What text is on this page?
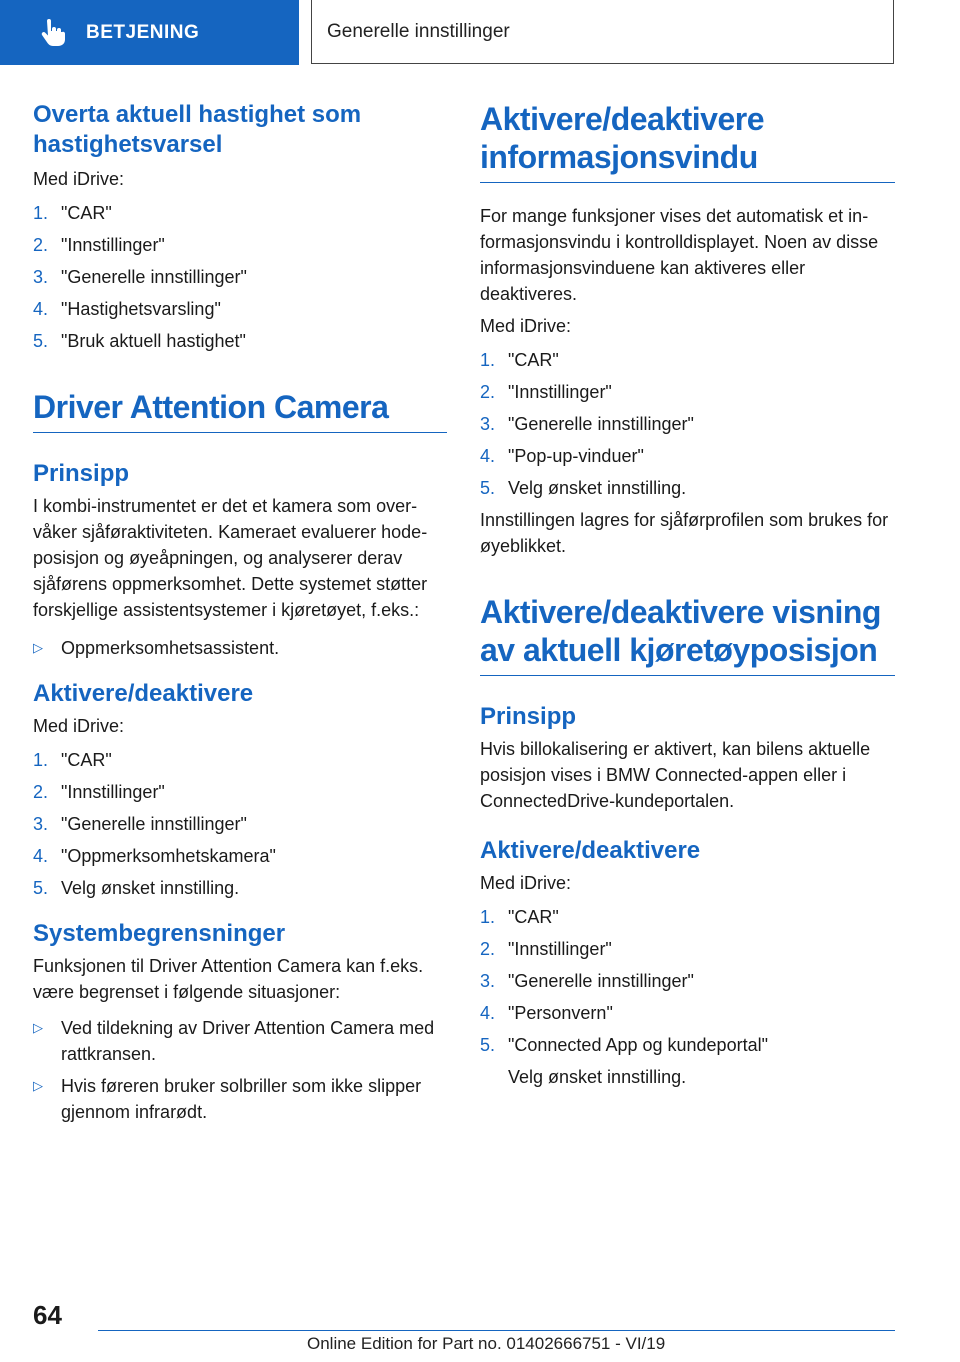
BETJENING	Generelle innstillinger
Overta aktuell hastighet som hastighetsvarsel

Med iDrive:

1. "CAR"
2. "Innstillinger"
3. "Generelle innstillinger"
4. "Hastighetsvarsling"
5. "Bruk aktuell hastighet"
Driver Attention Camera
Prinsipp

I kombi-instrumentet er det et kamera som overvåker sjåføraktiviteten. Kameraet evaluerer hodeposisjon og øyeåpningen, og analyserer derav sjåførens oppmerksomhet. Dette systemet støtter forskjellige assistentsystemer i kjøretøyet, f.eks.:

▷	Oppmerksomhetsassistent.
Aktivere/deaktivere

Med iDrive:

1. "CAR"
2. "Innstillinger"
3. "Generelle innstillinger"
4. "Oppmerksomhetskamera"
5. Velg ønsket innstilling.
Systembegrensninger

Funksjonen til Driver Attention Camera kan f.eks. være begrenset i følgende situasjoner:

▷	Ved tildekning av Driver Attention Camera med rattkransen.
▷	Hvis føreren bruker solbriller som ikke slipper gjennom infrarødt.
Aktivere/deaktivere informasjonsvindu

For mange funksjoner vises det automatisk et informasjonsvindu i kontrolldisplayet. Noen av disse informasjonsvinduene kan aktiveres eller deaktiveres.

Med iDrive:

1. "CAR"
2. "Innstillinger"
3. "Generelle innstillinger"
4. "Pop-up-vinduer"
5. Velg ønsket innstilling.

Innstillingen lagres for sjåførprofilen som brukes for øyeblikket.

Aktivere/deaktivere visning av aktuell kjøretøyposisjon
Prinsipp

Hvis billokalisering er aktivert, kan bilens aktuelle posisjon vises i BMW Connected-appen eller i ConnectedDrive-kundeportalen.

Aktivere/deaktivere

Med iDrive:

1. "CAR"
2. "Innstillinger"
3. "Generelle innstillinger"
4. "Personvern"
5. "Connected App og kundeportal"

Velg ønsket innstilling.

64
Online Edition for Part no. 01402666751 - VI/19
